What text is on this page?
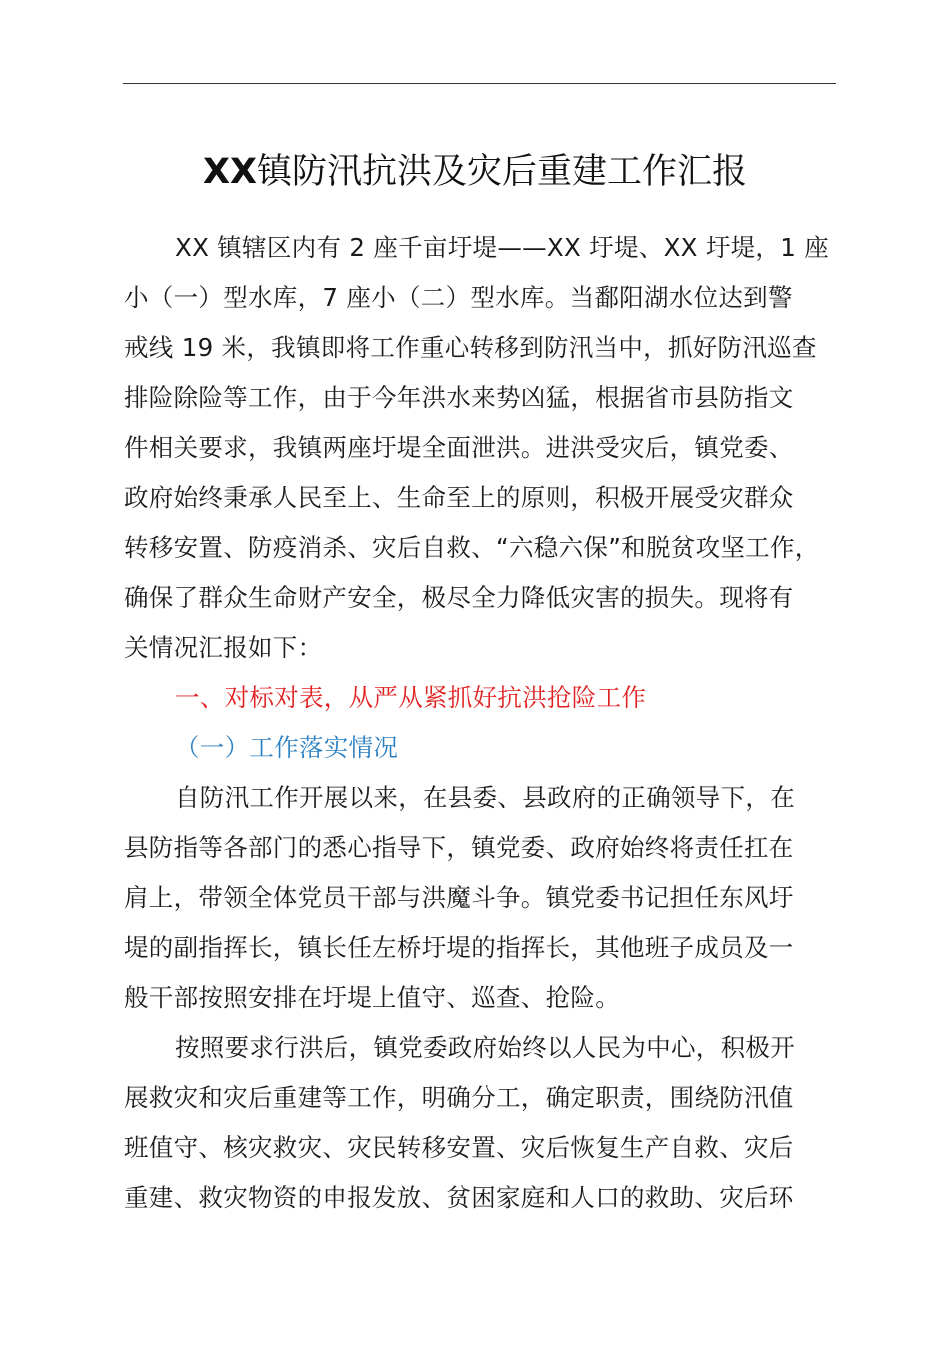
XX镇防汛抗洪及灾后重建工作汇报
XX 镇辖区内有 2 座千亩圩堤——XX 圩堤、XX 圩堤，1 座
小（一）型水库，7 座小（二）型水库。当鄱阳湖水位达到警
戒线 19 米，我镇即将工作重心转移到防汛当中，抓好防汛巡查
排险除险等工作，由于今年洪水来势凶猛，根据省市县防指文
件相关要求，我镇两座圩堤全面泄洪。进洪受灾后，镇党委、
政府始终秉承人民至上、生命至上的原则，积极开展受灾群众
转移安置、防疫消杀、灾后自救、“六稳六保”和脱贫攻坚工作，
确保了群众生命财产安全，极尽全力降低灾害的损失。现将有
关情况汇报如下：
一、对标对表，从严从紧抓好抗洪抢险工作
（一）工作落实情况
自防汛工作开展以来，在县委、县政府的正确领导下，在
县防指等各部门的悉心指导下，镇党委、政府始终将责任扛在
肩上，带领全体党员干部与洪魔斗争。镇党委书记担任东风圩
堤的副指挥长，镇长任左桥圩堤的指挥长，其他班子成员及一
般干部按照安排在圩堤上值守、巡查、抢险。
按照要求行洪后，镇党委政府始终以人民为中心，积极开
展救灾和灾后重建等工作，明确分工，确定职责，围绕防汛值
班值守、核灾救灾、灾民转移安置、灾后恢复生产自救、灾后
重建、救灾物资的申报发放、贫困家庭和人口的救助、灾后环
